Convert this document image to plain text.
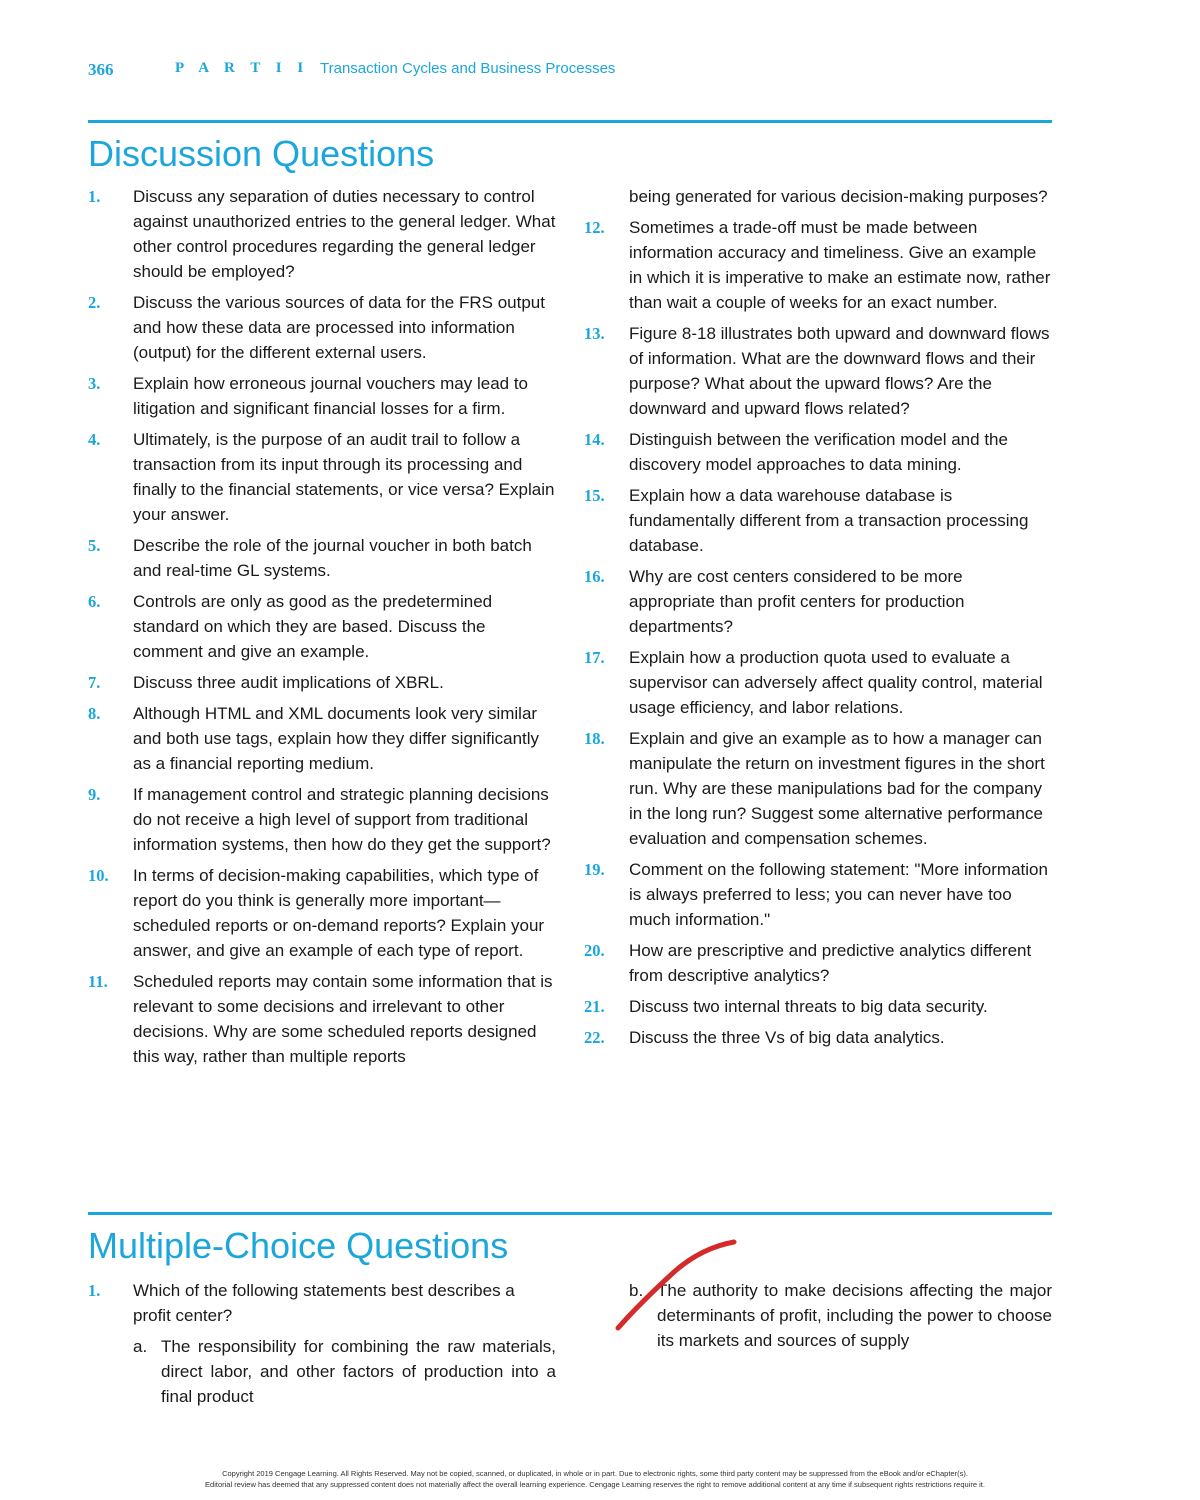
366	P A R T I I Transaction Cycles and Business Processes
Discussion Questions
1. Discuss any separation of duties necessary to control against unauthorized entries to the general ledger. What other control procedures regarding the general ledger should be employed?
2. Discuss the various sources of data for the FRS output and how these data are processed into information (output) for the different external users.
3. Explain how erroneous journal vouchers may lead to litigation and significant financial losses for a firm.
4. Ultimately, is the purpose of an audit trail to follow a transaction from its input through its processing and finally to the financial statements, or vice versa? Explain your answer.
5. Describe the role of the journal voucher in both batch and real-time GL systems.
6. Controls are only as good as the predetermined standard on which they are based. Discuss the comment and give an example.
7. Discuss three audit implications of XBRL.
8. Although HTML and XML documents look very similar and both use tags, explain how they differ significantly as a financial reporting medium.
9. If management control and strategic planning decisions do not receive a high level of support from traditional information systems, then how do they get the support?
10. In terms of decision-making capabilities, which type of report do you think is generally more important—scheduled reports or on-demand reports? Explain your answer, and give an example of each type of report.
11. Scheduled reports may contain some information that is relevant to some decisions and irrelevant to other decisions. Why are some scheduled reports designed this way, rather than multiple reports
being generated for various decision-making purposes?
12. Sometimes a trade-off must be made between information accuracy and timeliness. Give an example in which it is imperative to make an estimate now, rather than wait a couple of weeks for an exact number.
13. Figure 8-18 illustrates both upward and downward flows of information. What are the downward flows and their purpose? What about the upward flows? Are the downward and upward flows related?
14. Distinguish between the verification model and the discovery model approaches to data mining.
15. Explain how a data warehouse database is fundamentally different from a transaction processing database.
16. Why are cost centers considered to be more appropriate than profit centers for production departments?
17. Explain how a production quota used to evaluate a supervisor can adversely affect quality control, material usage efficiency, and labor relations.
18. Explain and give an example as to how a manager can manipulate the return on investment figures in the short run. Why are these manipulations bad for the company in the long run? Suggest some alternative performance evaluation and compensation schemes.
19. Comment on the following statement: "More information is always preferred to less; you can never have too much information."
20. How are prescriptive and predictive analytics different from descriptive analytics?
21. Discuss two internal threats to big data security.
22. Discuss the three Vs of big data analytics.
Multiple-Choice Questions
1. Which of the following statements best describes a profit center?
a. The responsibility for combining the raw materials, direct labor, and other factors of production into a final product
b. The authority to make decisions affecting the major determinants of profit, including the power to choose its markets and sources of supply
Copyright 2019 Cengage Learning. All Rights Reserved. May not be copied, scanned, or duplicated, in whole or in part. Due to electronic rights, some third party content may be suppressed from the eBook and/or eChapter(s).
Editorial review has deemed that any suppressed content does not materially affect the overall learning experience. Cengage Learning reserves the right to remove additional content at any time if subsequent rights restrictions require it.
